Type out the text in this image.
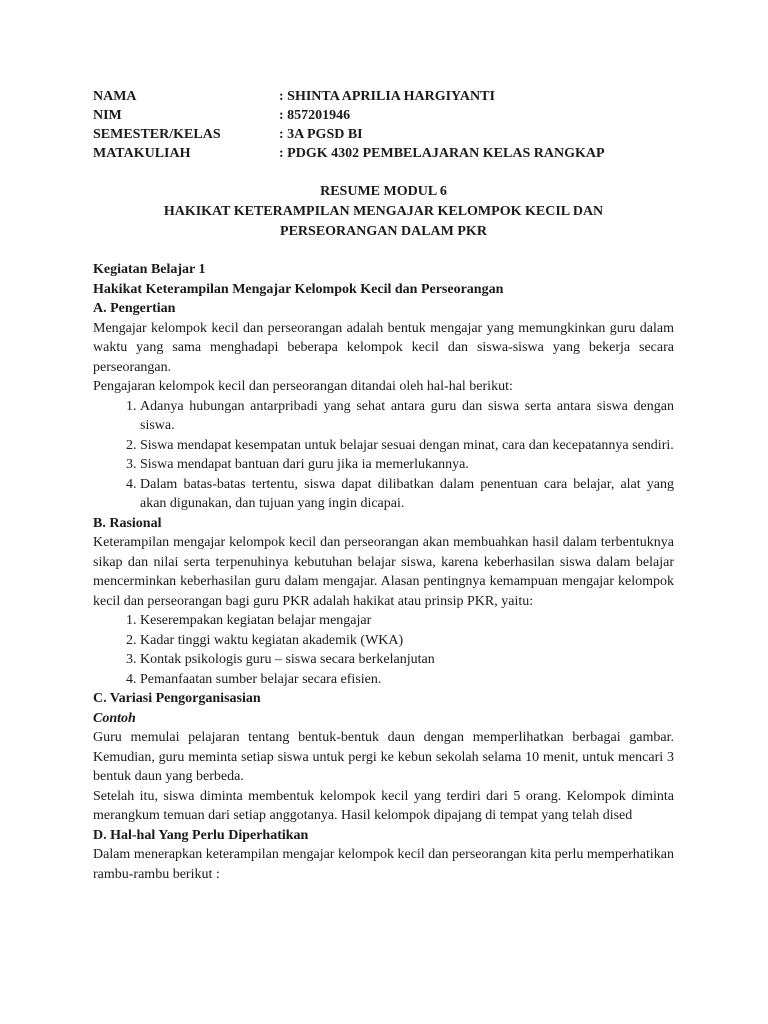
NAMA	: SHINTA APRILIA HARGIYANTI
NIM	: 857201946
SEMESTER/KELAS	: 3A PGSD BI
MATAKULIAH	: PDGK 4302 PEMBELAJARAN KELAS RANGKAP
RESUME MODUL 6
HAKIKAT KETERAMPILAN MENGAJAR KELOMPOK KECIL DAN
PERSEORANGAN DALAM PKR
Kegiatan Belajar 1
Hakikat Keterampilan Mengajar Kelompok Kecil dan Perseorangan
A. Pengertian

Mengajar kelompok kecil dan perseorangan adalah bentuk mengajar yang memungkinkan guru dalam waktu yang sama menghadapi beberapa kelompok kecil dan siswa-siswa yang bekerja secara perseorangan.

Pengajaran kelompok kecil dan perseorangan ditandai oleh hal-hal berikut:

1. Adanya hubungan antarpribadi yang sehat antara guru dan siswa serta antara siswa dengan siswa.
2. Siswa mendapat kesempatan untuk belajar sesuai dengan minat, cara dan kecepatannya sendiri.
3. Siswa mendapat bantuan dari guru jika ia memerlukannya.
4. Dalam batas-batas tertentu, siswa dapat dilibatkan dalam penentuan cara belajar, alat yang akan digunakan, dan tujuan yang ingin dicapai.
B. Rasional

Keterampilan mengajar kelompok kecil dan perseorangan akan membuahkan hasil dalam terbentuknya sikap dan nilai serta terpenuhinya kebutuhan belajar siswa, karena keberhasilan siswa dalam belajar mencerminkan keberhasilan guru dalam mengajar. Alasan pentingnya kemampuan mengajar kelompok kecil dan perseorangan bagi guru PKR adalah hakikat atau prinsip PKR, yaitu:

1. Keserempakan kegiatan belajar mengajar
2. Kadar tinggi waktu kegiatan akademik (WKA)
3. Kontak psikologis guru – siswa secara berkelanjutan
4. Pemanfaatan sumber belajar secara efisien.
C. Variasi Pengorganisasian
Contoh

Guru memulai pelajaran tentang bentuk-bentuk daun dengan memperlihatkan berbagai gambar. Kemudian, guru meminta setiap siswa untuk pergi ke kebun sekolah selama 10 menit, untuk mencari 3 bentuk daun yang berbeda.

Setelah itu, siswa diminta membentuk kelompok kecil yang terdiri dari 5 orang. Kelompok diminta merangkum temuan dari setiap anggotanya. Hasil kelompok dipajang di tempat yang telah dised

D. Hal-hal Yang Perlu Diperhatikan

Dalam menerapkan keterampilan mengajar kelompok kecil dan perseorangan kita perlu memperhatikan rambu-rambu berikut :
